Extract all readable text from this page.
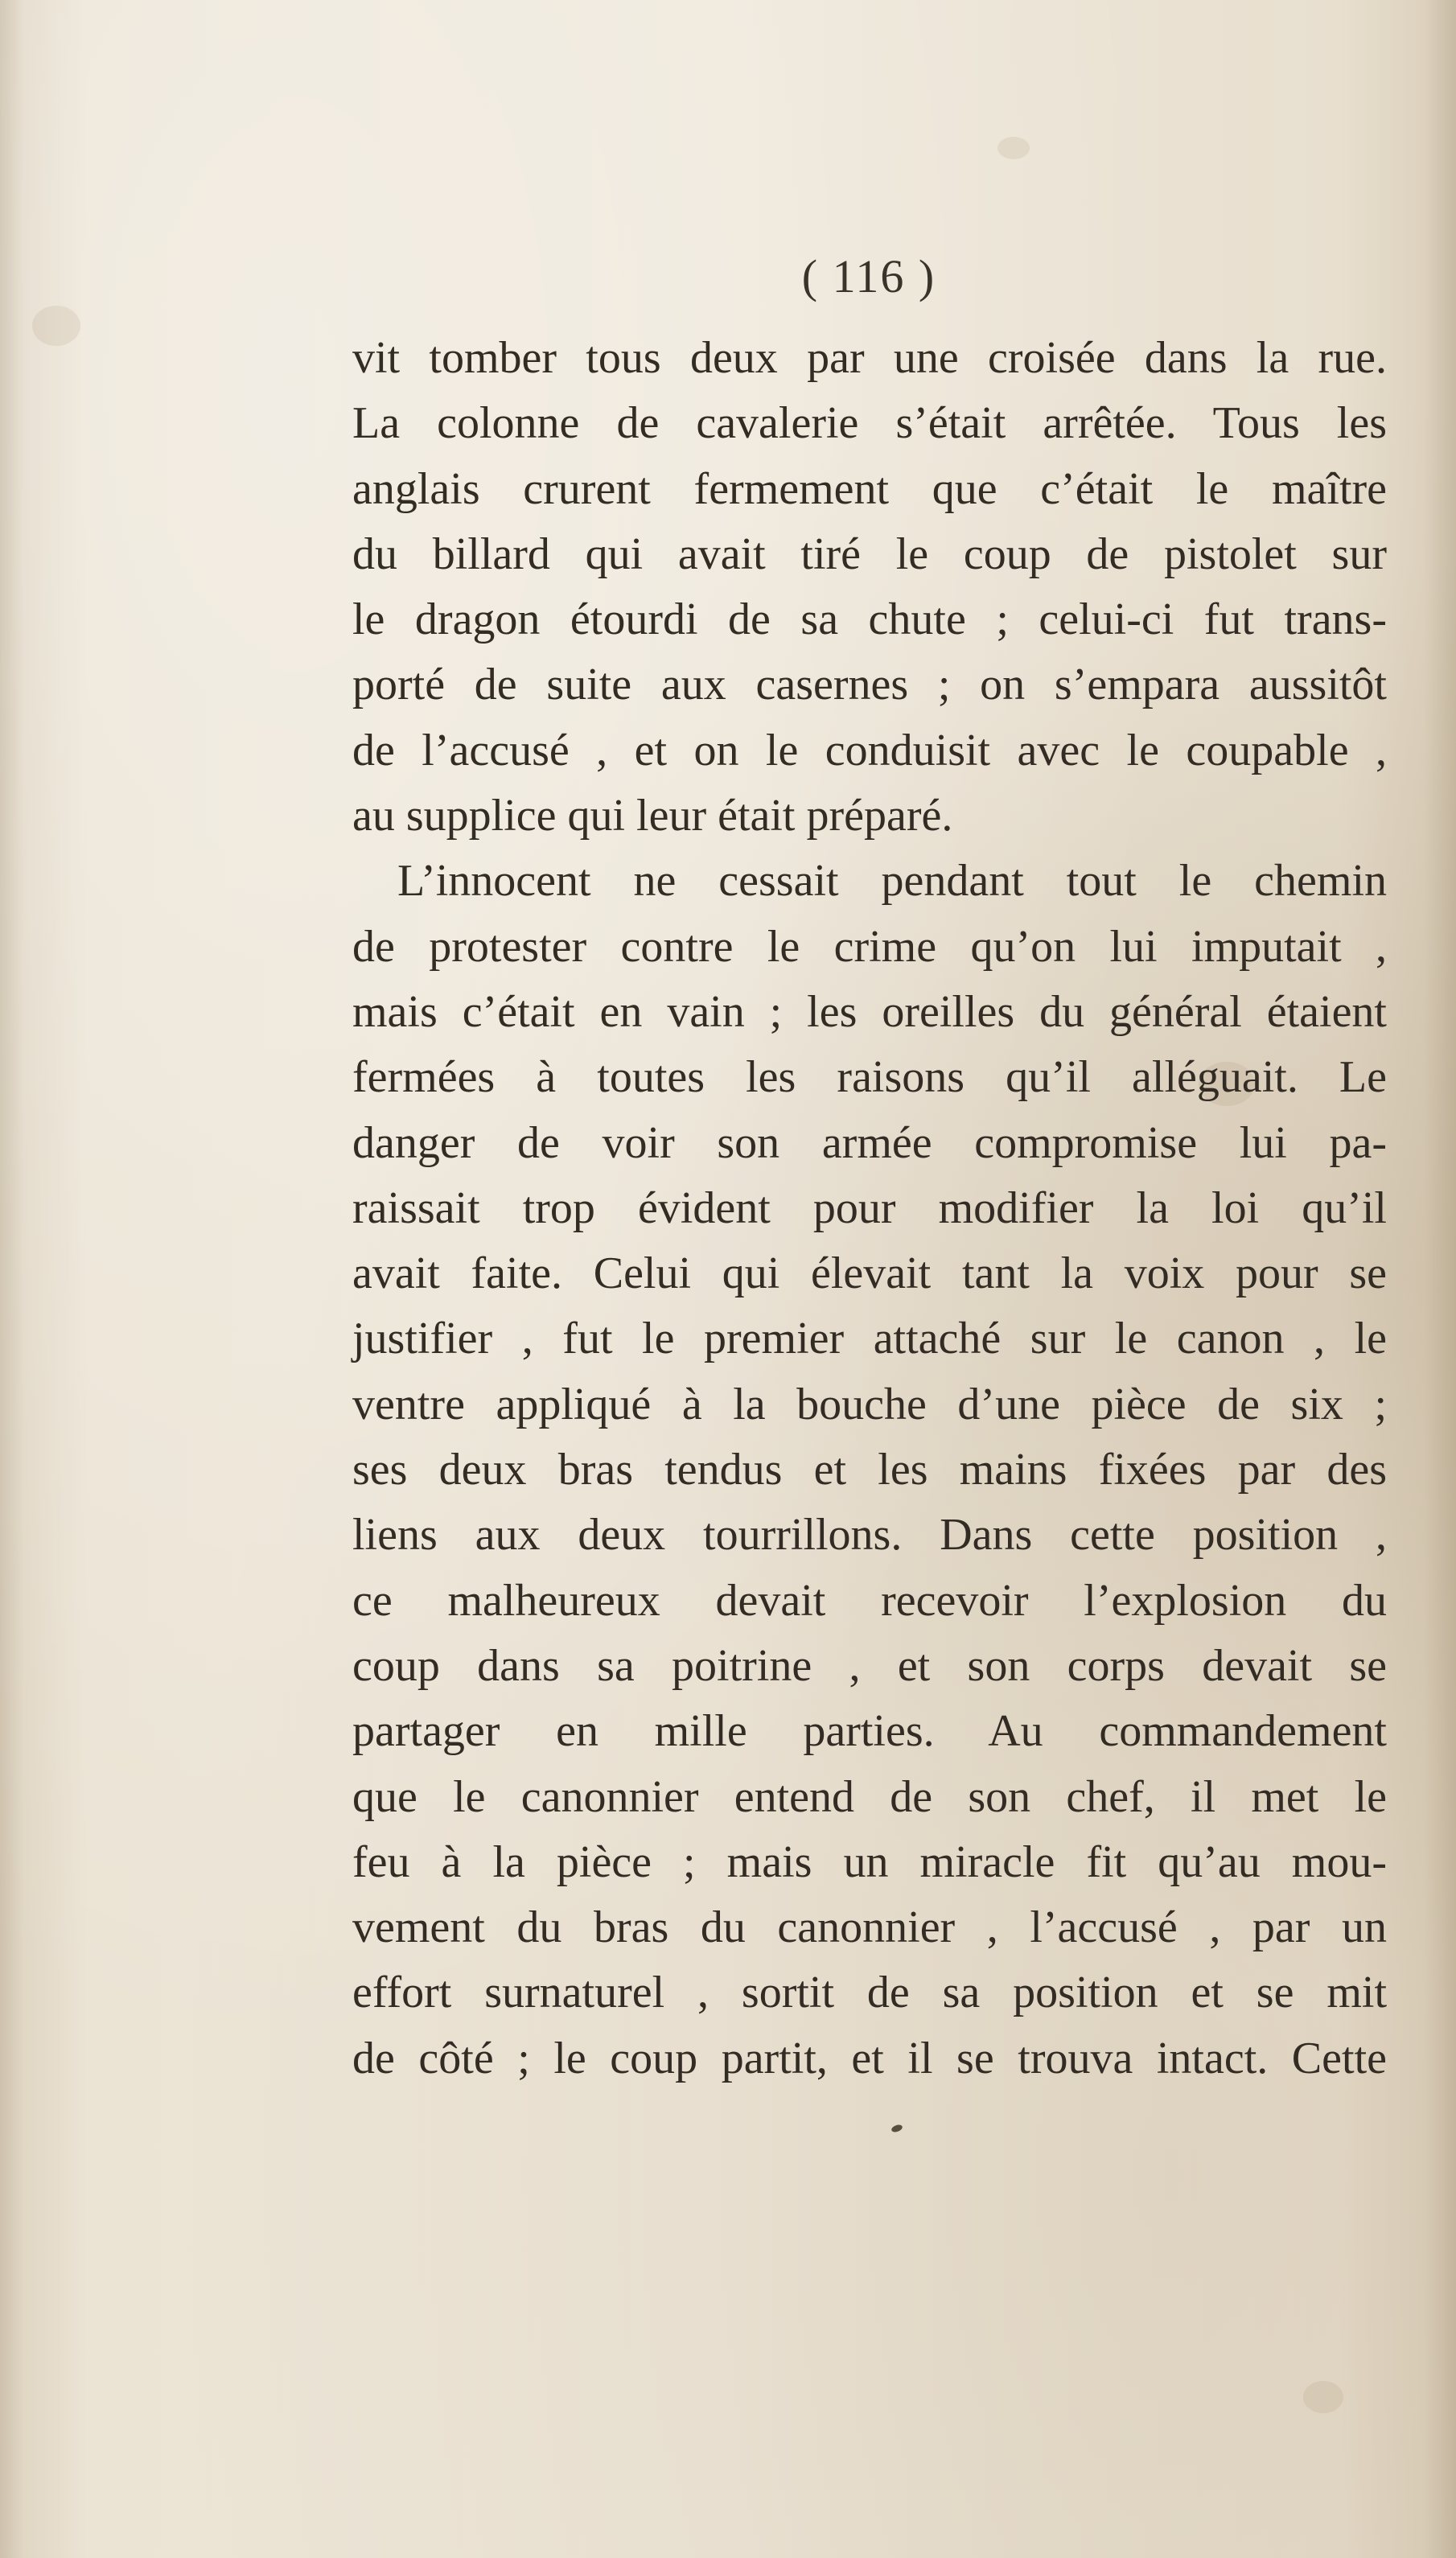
( 116 )
vit tomber tous deux par une croisée dans la rue.
La colonne de cavalerie s’était arrêtée. Tous les
anglais crurent fermement que c’était le maître
du billard qui avait tiré le coup de pistolet sur
le dragon étourdi de sa chute ; celui-ci fut trans-
porté de suite aux casernes ; on s’empara aussitôt
de l’accusé , et on le conduisit avec le coupable ,
au supplice qui leur était préparé.
L’innocent ne cessait pendant tout le chemin
de protester contre le crime qu’on lui imputait ,
mais c’était en vain ; les oreilles du général étaient
fermées à toutes les raisons qu’il alléguait. Le
danger de voir son armée compromise lui pa-
raissait trop évident pour modifier la loi qu’il
avait faite. Celui qui élevait tant la voix pour se
justifier , fut le premier attaché sur le canon , le
ventre appliqué à la bouche d’une pièce de six ;
ses deux bras tendus et les mains fixées par des
liens aux deux tourrillons. Dans cette position ,
ce malheureux devait recevoir l’explosion du
coup dans sa poitrine , et son corps devait se
partager en mille parties. Au commandement
que le canonnier entend de son chef, il met le
feu à la pièce ; mais un miracle fit qu’au mou-
vement du bras du canonnier , l’accusé , par un
effort surnaturel , sortit de sa position et se mit
de côté ; le coup partit, et il se trouva intact. Cette
